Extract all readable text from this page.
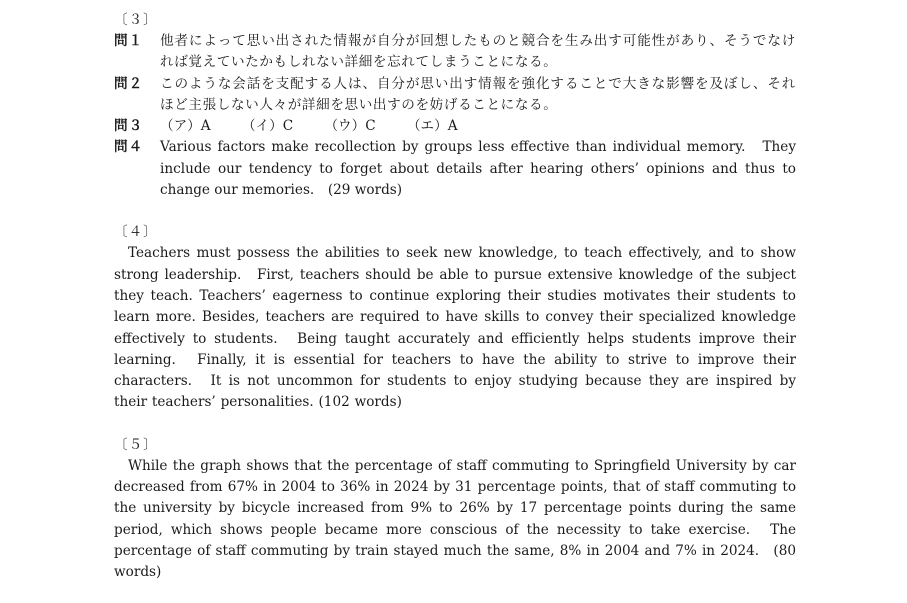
〔３〕
問１	他者によって思い出された情報が自分が回想したものと競合を生み出す可能性があり、そうでなければ覚えていたかもしれない詳細を忘れてしまうことになる。
問２	このような会話を支配する人は、自分が思い出す情報を強化することで大きな影響を及ぼし、それほど主張しない人々が詳細を思い出すのを妨げることになる。
問３	（ア）A （イ）C （ウ）C （エ）A
問４	Various factors make recollection by groups less effective than individual memory.　They include our tendency to forget about details after hearing others’ opinions and thus to change our memories.　(29 words)
〔４〕
Teachers must possess the abilities to seek new knowledge, to teach effectively, and to show strong leadership.　First, teachers should be able to pursue extensive knowledge of the subject they teach. Teachers’ eagerness to continue exploring their studies motivates their students to learn more. Besides, teachers are required to have skills to convey their specialized knowledge effectively to students.　Being taught accurately and efficiently helps students improve their learning.　Finally, it is essential for teachers to have the ability to strive to improve their characters.　It is not uncommon for students to enjoy studying because they are inspired by their teachers’ personalities. (102 words)
〔５〕
While the graph shows that the percentage of staff commuting to Springfield University by car decreased from 67% in 2004 to 36% in 2024 by 31 percentage points, that of staff commuting to the university by bicycle increased from 9% to 26% by 17 percentage points during the same period, which shows people became more conscious of the necessity to take exercise.　The percentage of staff commuting by train stayed much the same, 8% in 2004 and 7% in 2024.　(80 words)
